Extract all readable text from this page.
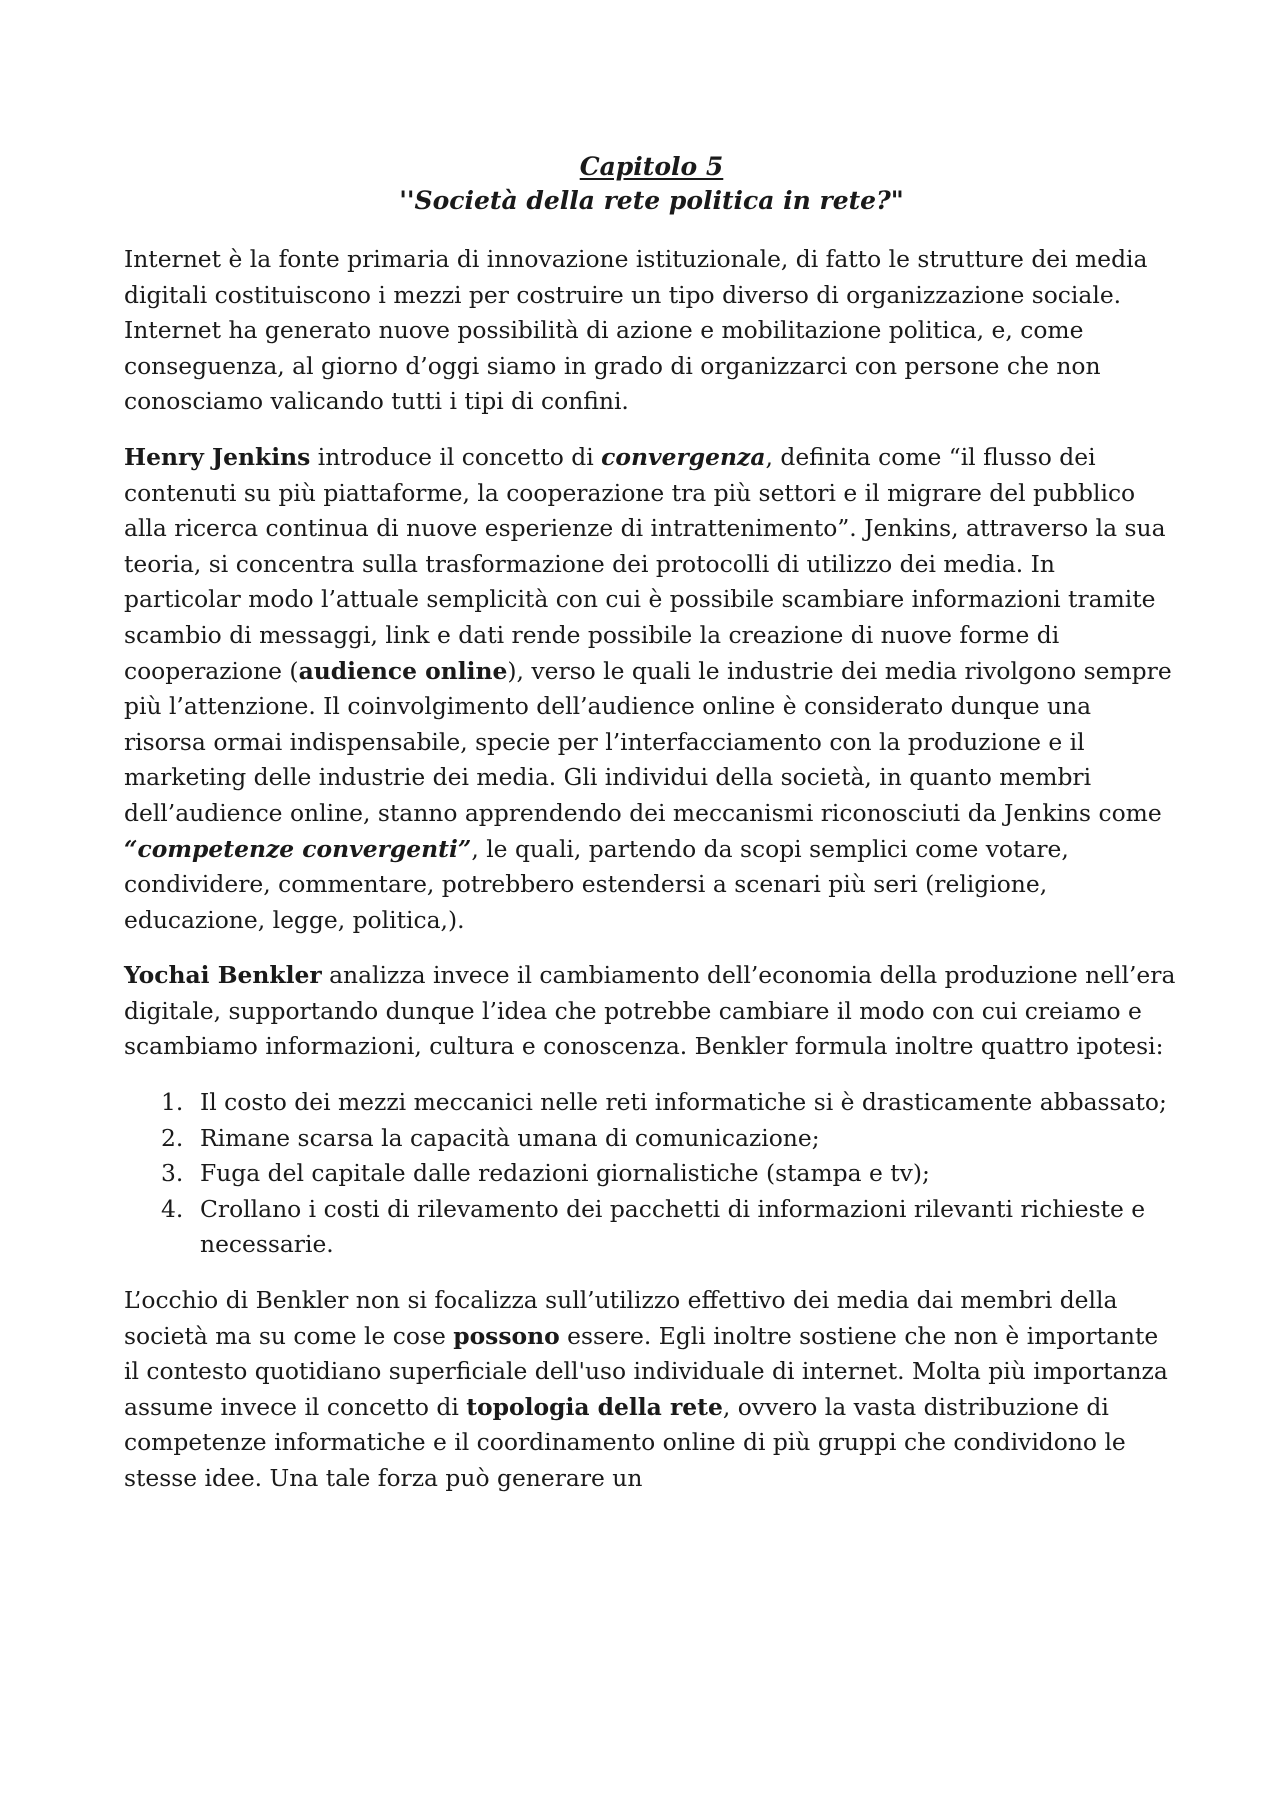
Capitolo 5

''Società della rete politica in rete?"

Internet è la fonte primaria di innovazione istituzionale, di fatto le strutture dei media digitali costituiscono i mezzi per costruire un tipo diverso di organizzazione sociale. Internet ha generato nuove possibilità di azione e mobilitazione politica, e, come conseguenza, al giorno d’oggi siamo in grado di organizzarci con persone che non conosciamo valicando tutti i tipi di confini.

Henry Jenkins introduce il concetto di convergenza, definita come “il flusso dei contenuti su più piattaforme, la cooperazione tra più settori e il migrare del pubblico alla ricerca continua di nuove esperienze di intrattenimento”. Jenkins, attraverso la sua teoria, si concentra sulla trasformazione dei protocolli di utilizzo dei media. In particolar modo l’attuale semplicità con cui è possibile scambiare informazioni tramite scambio di messaggi, link e dati rende possibile la creazione di nuove forme di cooperazione (audience online), verso le quali le industrie dei media rivolgono sempre più l’attenzione. Il coinvolgimento dell’audience online è considerato dunque una risorsa ormai indispensabile, specie per l’interfacciamento con la produzione e il marketing delle industrie dei media. Gli individui della società, in quanto membri dell’audience online, stanno apprendendo dei meccanismi riconosciuti da Jenkins come “competenze convergenti”, le quali, partendo da scopi semplici come votare, condividere, commentare, potrebbero estendersi a scenari più seri (religione, educazione, legge, politica,).

Yochai Benkler analizza invece il cambiamento dell’economia della produzione nell’era digitale, supportando dunque l’idea che potrebbe cambiare il modo con cui creiamo e scambiamo informazioni, cultura e conoscenza. Benkler formula inoltre quattro ipotesi:

1. Il costo dei mezzi meccanici nelle reti informatiche si è drasticamente abbassato;
2. Rimane scarsa la capacità umana di comunicazione;
3. Fuga del capitale dalle redazioni giornalistiche (stampa e tv);
4. Crollano i costi di rilevamento dei pacchetti di informazioni rilevanti richieste e necessarie.

L’occhio di Benkler non si focalizza sull’utilizzo effettivo dei media dai membri della società ma su come le cose possono essere. Egli inoltre sostiene che non è importante il contesto quotidiano superficiale dell'uso individuale di internet. Molta più importanza assume invece il concetto di topologia della rete, ovvero la vasta distribuzione di competenze informatiche e il coordinamento online di più gruppi che condividono le stesse idee. Una tale forza può generare un
